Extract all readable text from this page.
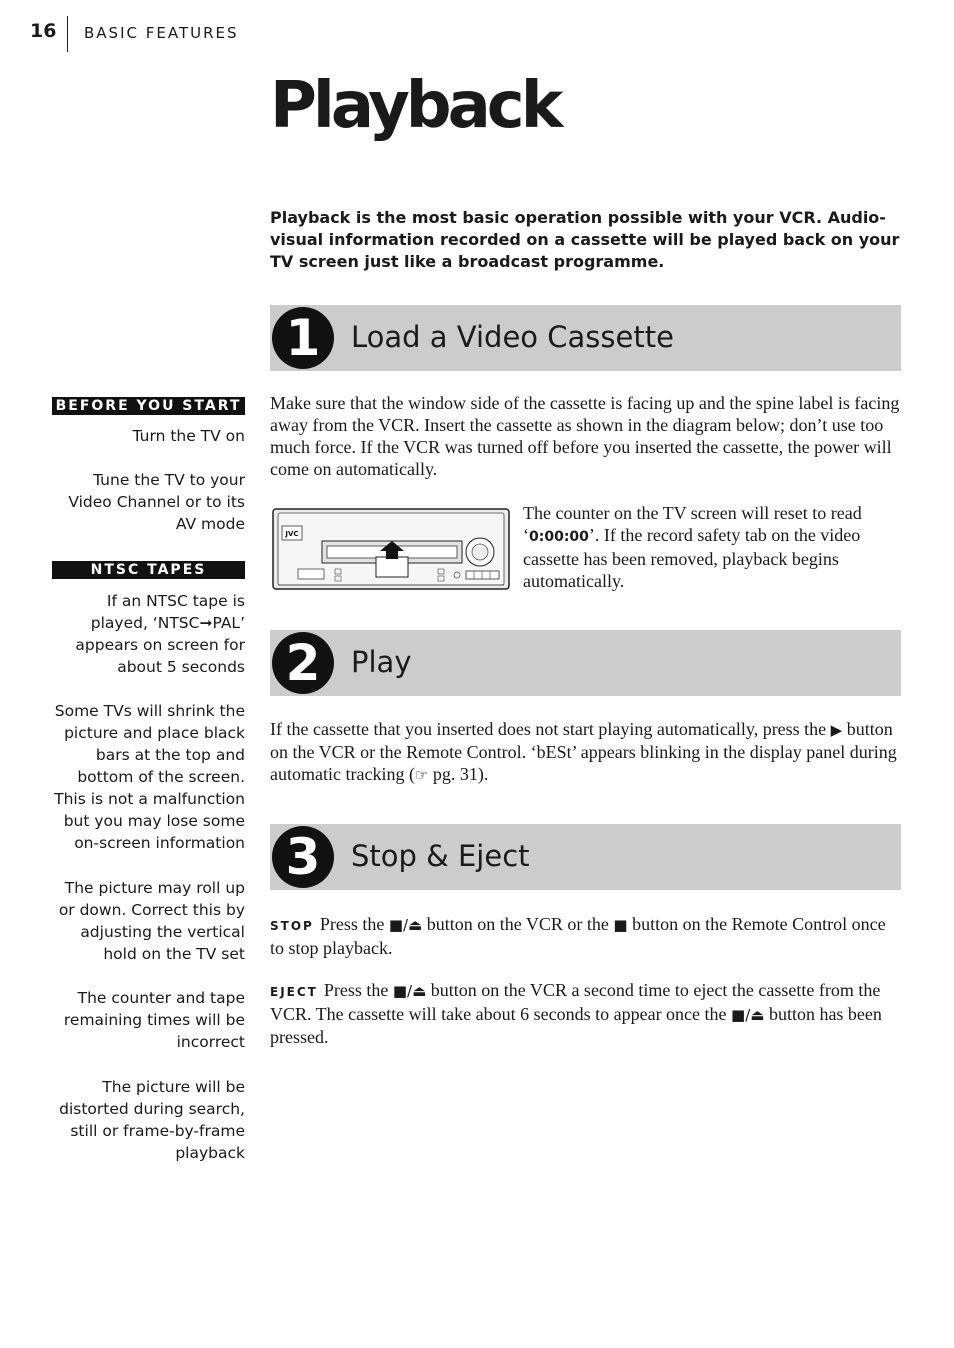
16 BASIC FEATURES
Playback

Playback is the most basic operation possible with your VCR. Audio-visual information recorded on a cassette will be played back on your TV screen just like a broadcast programme.

1	Load a Video Cassette

Make sure that the window side of the cassette is facing up and the spine label is facing away from the VCR. Insert the cassette as shown in the diagram below; don’t use too much force. If the VCR was turned off before you inserted the cassette, the power will come on automatically.

JVC

The counter on the TV screen will reset to read ‘0:00:00’. If the record safety tab on the video cassette has been removed, playback begins automatically.

2	Play

If the cassette that you inserted does not start playing automatically, press the ▶ button on the VCR or the Remote Control. ‘bESt’ appears blinking in the display panel during automatic tracking (☞ pg. 31).

3	Stop & Eject

STOP Press the ■/⏏ button on the VCR or the ■ button on the Remote Control once to stop playback.

EJECT Press the ■/⏏ button on the VCR a second time to eject the cassette from the VCR. The cassette will take about 6 seconds to appear once the ■/⏏ button has been pressed.

BEFORE YOU START

Turn the TV on

Tune the TV to your Video Channel or to its AV mode

NTSC TAPES

If an NTSC tape is played, ‘NTSC➞PAL’ appears on screen for about 5 seconds

Some TVs will shrink the picture and place black bars at the top and bottom of the screen. This is not a malfunction but you may lose some on-screen information

The picture may roll up or down. Correct this by adjusting the vertical hold on the TV set

The counter and tape remaining times will be incorrect

The picture will be distorted during search, still or frame-by-frame playback
